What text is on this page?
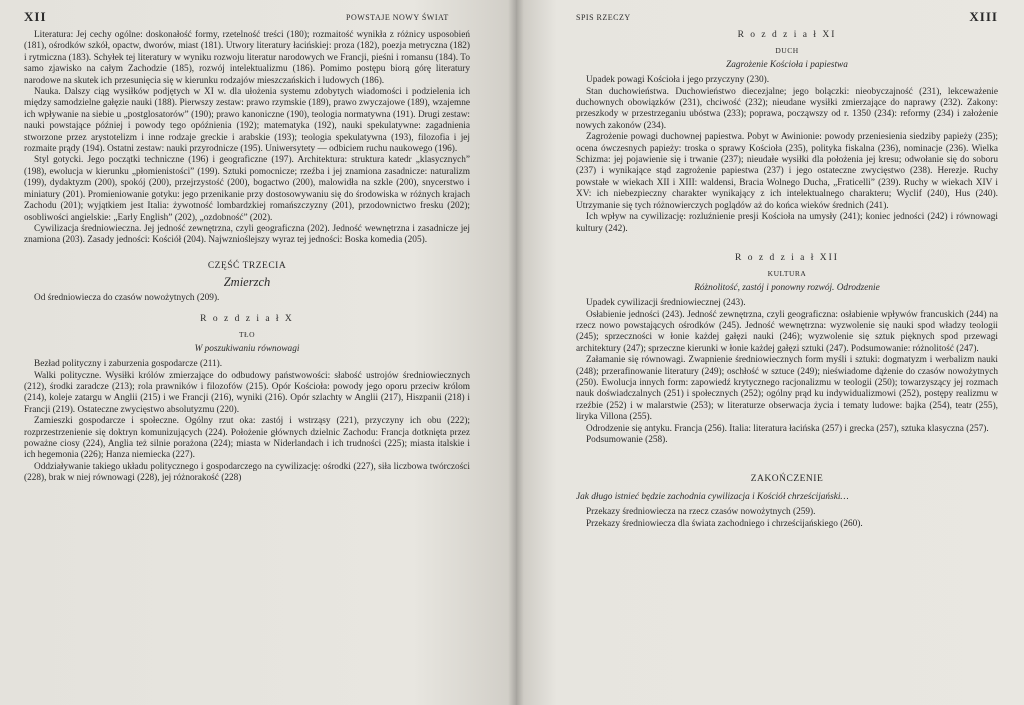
XII	POWSTAJE NOWY ŚWIAT

Literatura: Jej cechy ogólne: doskonałość formy, rzetelność treści (180); rozmaitość wynikła z różnicy usposobień (181), ośrodków szkół, opactw, dworów, miast (181). Utwory literatury łacińskiej: proza (182), poezja metryczna (182) i rytmiczna (183). Schyłek tej literatury w wyniku rozwoju literatur narodowych we Francji, pieśni i romansu (184). To samo zjawisko na całym Zachodzie (185), rozwój intelektualizmu (186). Pomimo postępu biorą górę literatury narodowe na skutek ich przesunięcia się w kierunku rodzajów mieszczańskich i ludowych (186).

Nauka. Dalszy ciąg wysiłków podjętych w XI w. dla ułożenia systemu zdobytych wiadomości i podzielenia ich między samodzielne gałęzie nauki (188). Pierwszy zestaw: prawo rzymskie (189), prawo zwyczajowe (189), wzajemne ich wpływanie na siebie u „postglosatorów” (190); prawo kanoniczne (190), teologia normatywna (191). Drugi zestaw: nauki powstające później i powody tego opóźnienia (192); matematyka (192), nauki spekulatywne: zagadnienia stworzone przez arystotelizm i inne rodzaje greckie i arabskie (193); teologia spekulatywna (193), filozofia i jej rozmaite prądy (194). Ostatni zestaw: nauki przyrodnicze (195). Uniwersytety — odbiciem ruchu naukowego (196).

Styl gotycki. Jego początki techniczne (196) i geograficzne (197). Architektura: struktura katedr „klasycznych” (198), ewolucja w kierunku „płomienistości” (199). Sztuki pomocnicze; rzeźba i jej znamiona zasadnicze: naturalizm (199), dydaktyzm (200), spokój (200), przejrzystość (200), bogactwo (200), malowidła na szkle (200), snycerstwo i miniatury (201). Promieniowanie gotyku: jego przenikanie przy dostosowywaniu się do środowiska w różnych krajach Zachodu (201); wyjątkiem jest Italia: żywotność lombardzkiej romańszczyzny (201), przodownictwo fresku (202); osobliwości angielskie: „Early English” (202), „ozdobność” (202).

Cywilizacja średniowieczna. Jej jedność zewnętrzna, czyli geograficzna (202). Jedność wewnętrzna i zasadnicze jej znamiona (203). Zasady jedności: Kościół (204). Najwznioślejszy wyraz tej jedności: Boska komedia (205).

CZĘŚĆ TRZECIA

Zmierzch

Od średniowiecza do czasów nowożytnych (209).

R o z d z i a ł X

TŁO

W poszukiwaniu równowagi

Bezład polityczny i zaburzenia gospodarcze (211).

Walki polityczne. Wysiłki królów zmierzające do odbudowy państwowości: słabość ustrojów średniowiecznych (212), środki zaradcze (213); rola prawników i filozofów (215). Opór Kościoła: powody jego oporu przeciw królom (214), koleje zatargu w Anglii (215) i we Francji (216), wyniki (216). Opór szlachty w Anglii (217), Hiszpanii (218) i Francji (219). Ostateczne zwycięstwo absolutyzmu (220).

Zamieszki gospodarcze i społeczne. Ogólny rzut oka: zastój i wstrząsy (221), przyczyny ich obu (222); rozprzestrzenienie się doktryn komunizujących (224). Położenie głównych dzielnic Zachodu: Francja dotknięta przez poważne ciosy (224), Anglia też silnie porażona (224); miasta w Niderlandach i ich trudności (225); miasta italskie i ich hegemonia (226); Hanza niemiecka (227).

Oddziaływanie takiego układu politycznego i gospodarczego na cywilizację: ośrodki (227), siła liczbowa twórczości (228), brak w niej równowagi (228), jej różnorakość (228)

SPIS RZECZY	XIII

R o z d z i a ł XI

DUCH

Zagrożenie Kościoła i papiestwa

Upadek powagi Kościoła i jego przyczyny (230).

Stan duchowieństwa. Duchowieństwo diecezjalne; jego bolączki: nieobyczajność (231), lekceważenie duchownych obowiązków (231), chciwość (232); nieudane wysiłki zmierzające do naprawy (232). Zakony: przeszkody w przestrzeganiu ubóstwa (233); poprawa, począwszy od r. 1350 (234): reformy (234) i założenie nowych zakonów (234).

Zagrożenie powagi duchownej papiestwa. Pobyt w Awinionie: powody przeniesienia siedziby papieży (235); ocena ówczesnych papieży: troska o sprawy Kościoła (235), polityka fiskalna (236), nominacje (236). Wielka Schizma: jej pojawienie się i trwanie (237); nieudałe wysiłki dla położenia jej kresu; odwołanie się do soboru (237) i wynikające stąd zagrożenie papiestwa (237) i jego ostateczne zwycięstwo (238). Herezje. Ruchy powstałe w wiekach XII i XIII: waldensi, Bracia Wolnego Ducha, „Fraticelli” (239). Ruchy w wiekach XIV i XV: ich niebezpieczny charakter wynikający z ich intelektualnego charakteru; Wyclif (240), Hus (240). Utrzymanie się tych różnowierczych poglądów aż do końca wieków średnich (241).

Ich wpływ na cywilizację: rozluźnienie presji Kościoła na umysły (241); koniec jedności (242) i równowagi kultury (242).

R o z d z i a ł XII

KULTURA

Różnolitość, zastój i ponowny rozwój. Odrodzenie

Upadek cywilizacji średniowiecznej (243).

Osłabienie jedności (243). Jedność zewnętrzna, czyli geograficzna: osłabienie wpływów francuskich (244) na rzecz nowo powstających ośrodków (245). Jedność wewnętrzna: wyzwolenie się nauki spod władzy teologii (245); sprzeczności w łonie każdej gałęzi nauki (246); wyzwolenie się sztuk pięknych spod przewagi architektury (247); sprzeczne kierunki w łonie każdej gałęzi sztuki (247). Podsumowanie: różnolitość (247).

Załamanie się równowagi. Zwapnienie średniowiecznych form myśli i sztuki: dogmatyzm i werbalizm nauki (248); przerafinowanie literatury (249); oschłość w sztuce (249); nieświadome dążenie do czasów nowożytnych (250). Ewolucja innych form: zapowiedź krytycznego racjonalizmu w teologii (250); towarzyszący jej rozmach nauk doświadczalnych (251) i społecznych (252); ogólny prąd ku indywidualizmowi (252), postępy realizmu w rzeźbie (252) i w malarstwie (253); w literaturze obserwacja życia i tematy ludowe: bajka (254), teatr (255), liryka Villona (255).

Odrodzenie się antyku. Francja (256). Italia: literatura łacińska (257) i grecka (257), sztuka klasyczna (257).

Podsumowanie (258).

ZAKOŃCZENIE

Jak długo istnieć będzie zachodnia cywilizacja i Kościół chrześcijański…

Przekazy średniowiecza na rzecz czasów nowożytnych (259).

Przekazy średniowiecza dla świata zachodniego i chrześcijańskiego (260).
